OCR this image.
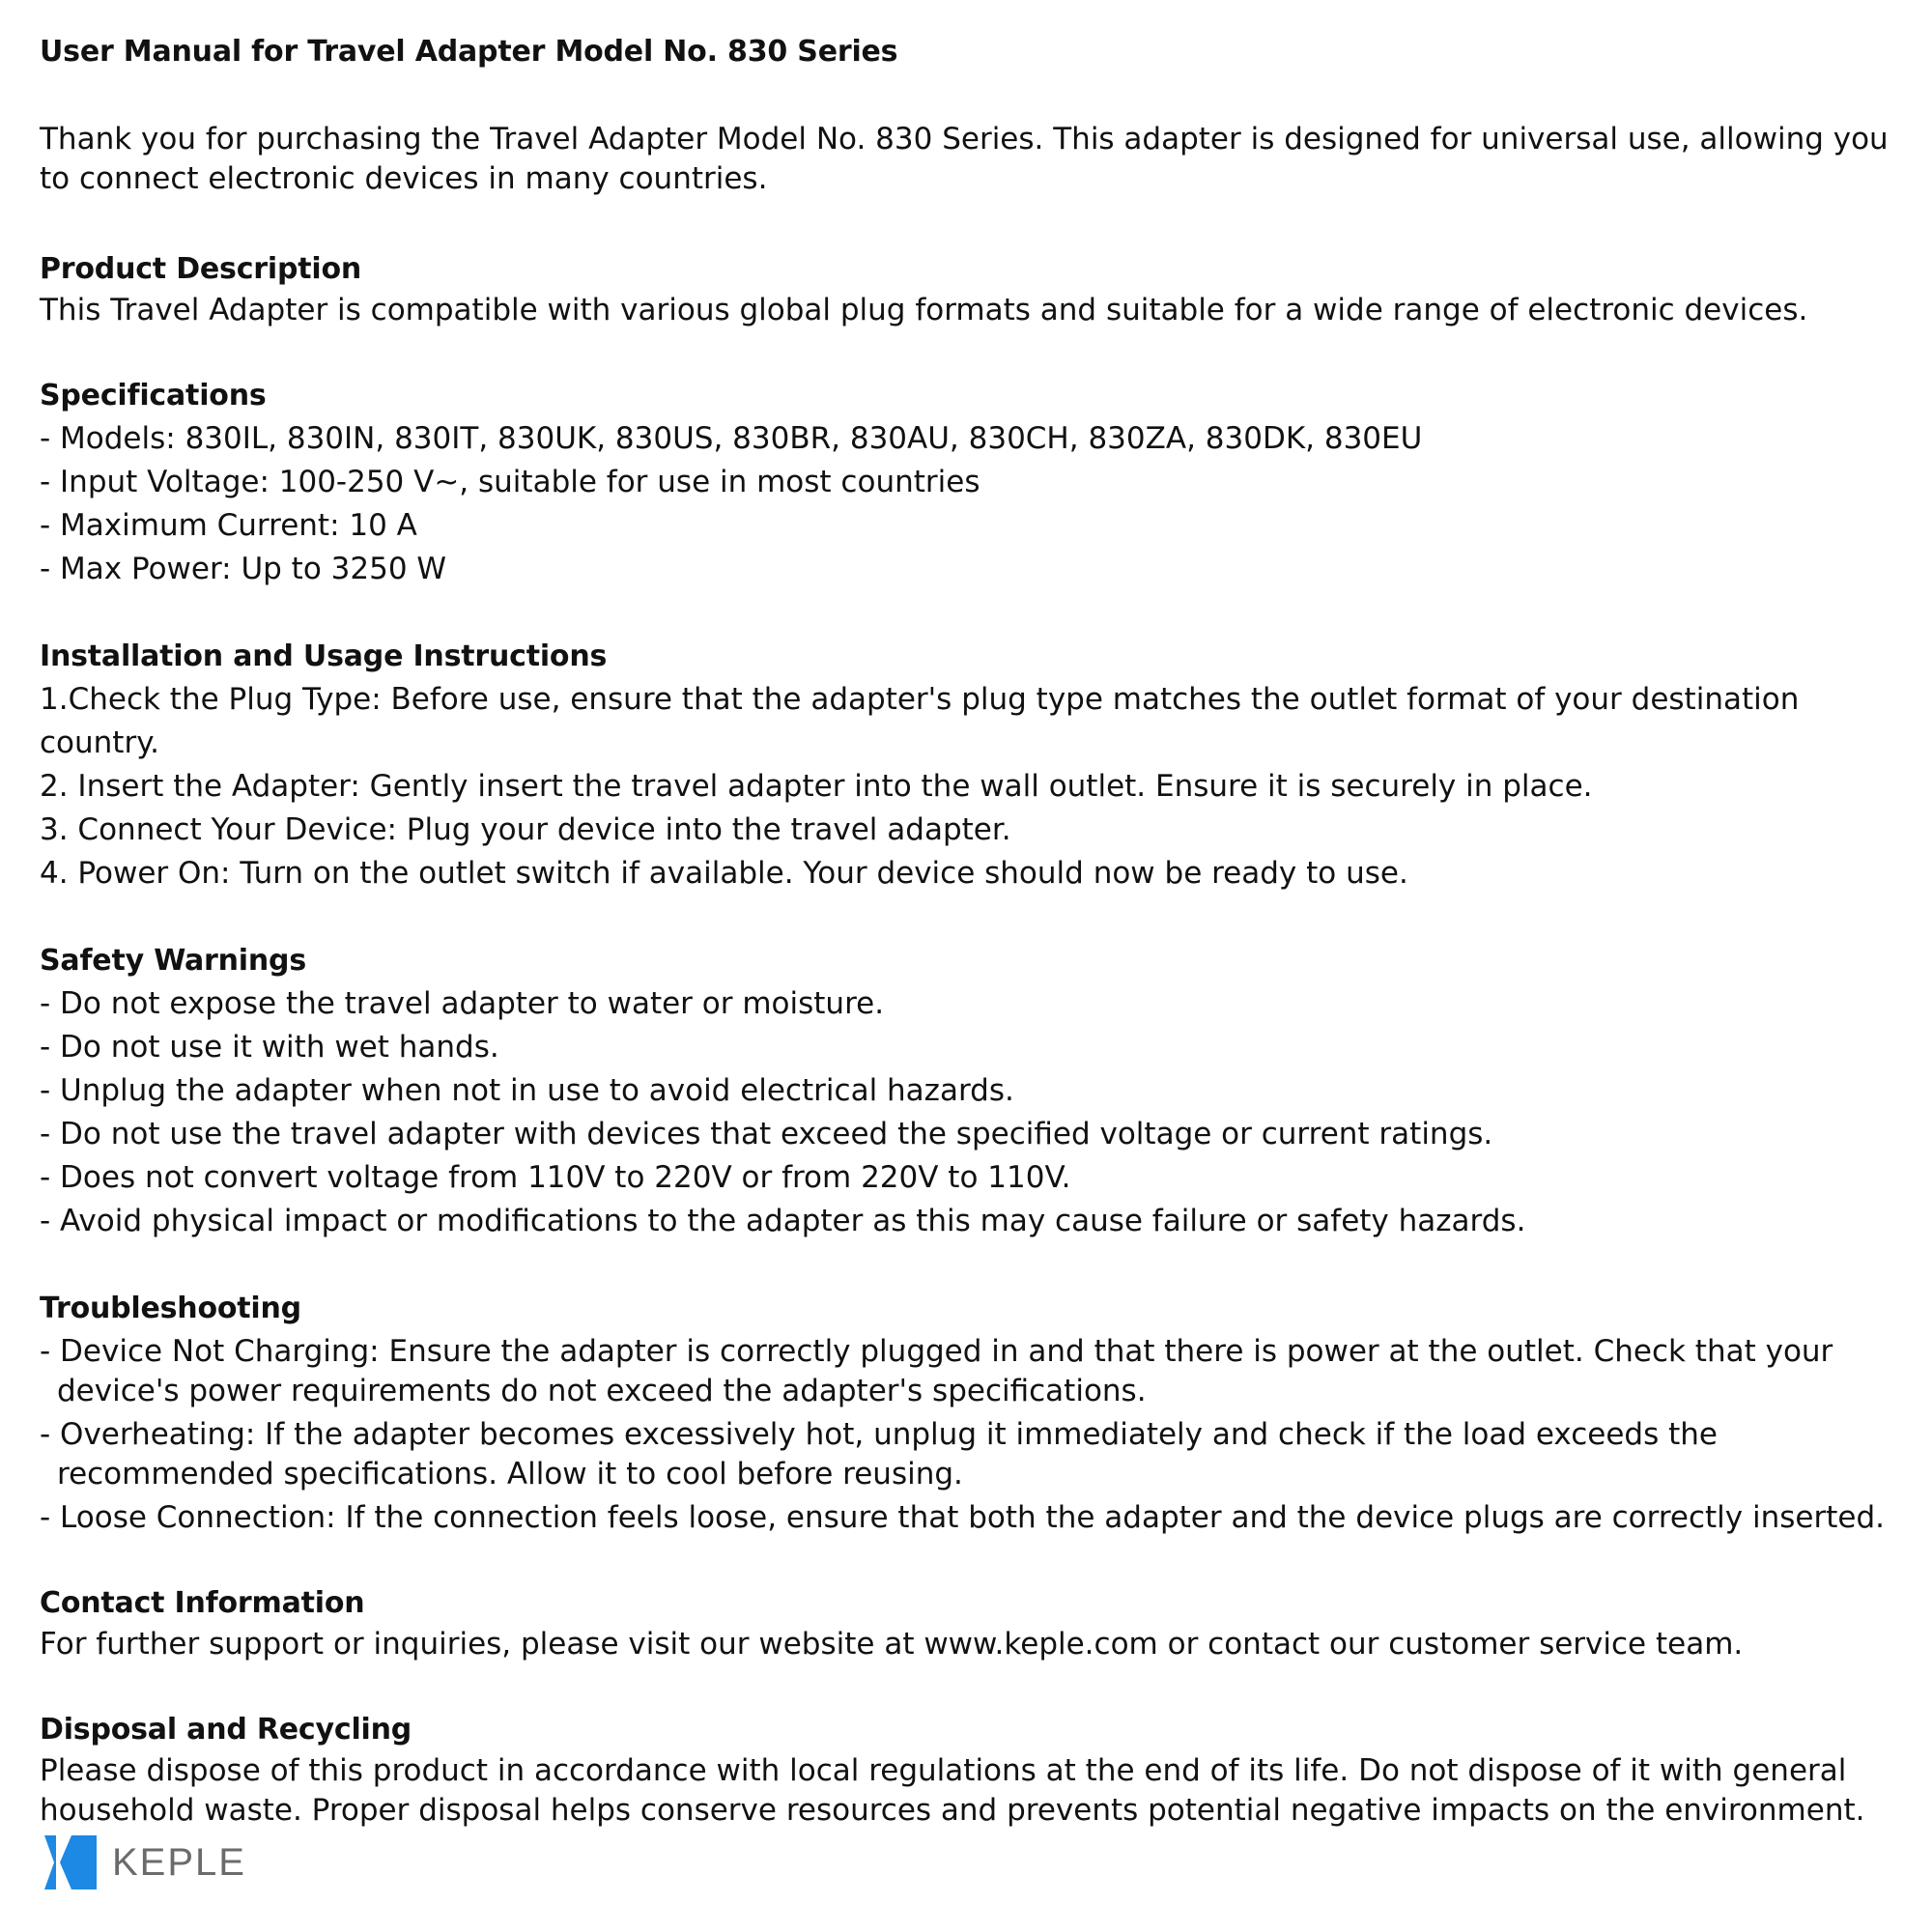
User Manual for Travel Adapter Model No. 830 Series

Thank you for purchasing the Travel Adapter Model No. 830 Series. This adapter is designed for universal use, allowing you to connect electronic devices in many countries.

Product Description

This Travel Adapter is compatible with various global plug formats and suitable for a wide range of electronic devices.

Specifications
- Models: 830IL, 830IN, 830IT, 830UK, 830US, 830BR, 830AU, 830CH, 830ZA, 830DK, 830EU
- Input Voltage: 100-250 V~, suitable for use in most countries
- Maximum Current: 10 A
- Max Power: Up to 3250 W
Installation and Usage Instructions
1.Check the Plug Type: Before use, ensure that the adapter's plug type matches the outlet format of your destination country.
2. Insert the Adapter: Gently insert the travel adapter into the wall outlet. Ensure it is securely in place.
3. Connect Your Device: Plug your device into the travel adapter.
4. Power On: Turn on the outlet switch if available. Your device should now be ready to use.
Safety Warnings
- Do not expose the travel adapter to water or moisture.
- Do not use it with wet hands.
- Unplug the adapter when not in use to avoid electrical hazards.
- Do not use the travel adapter with devices that exceed the specified voltage or current ratings.
- Does not convert voltage from 110V to 220V or from 220V to 110V.
- Avoid physical impact or modifications to the adapter as this may cause failure or safety hazards.
Troubleshooting
- Device Not Charging: Ensure the adapter is correctly plugged in and that there is power at the outlet. Check that your device's power requirements do not exceed the adapter's specifications.
- Overheating: If the adapter becomes excessively hot, unplug it immediately and check if the load exceeds the recommended specifications. Allow it to cool before reusing.
- Loose Connection: If the connection feels loose, ensure that both the adapter and the device plugs are correctly inserted.
Contact Information

For further support or inquiries, please visit our website at www.keple.com or contact our customer service team.

Disposal and Recycling

Please dispose of this product in accordance with local regulations at the end of its life. Do not dispose of it with general household waste. Proper disposal helps conserve resources and prevents potential negative impacts on the environment.

KEPLE
